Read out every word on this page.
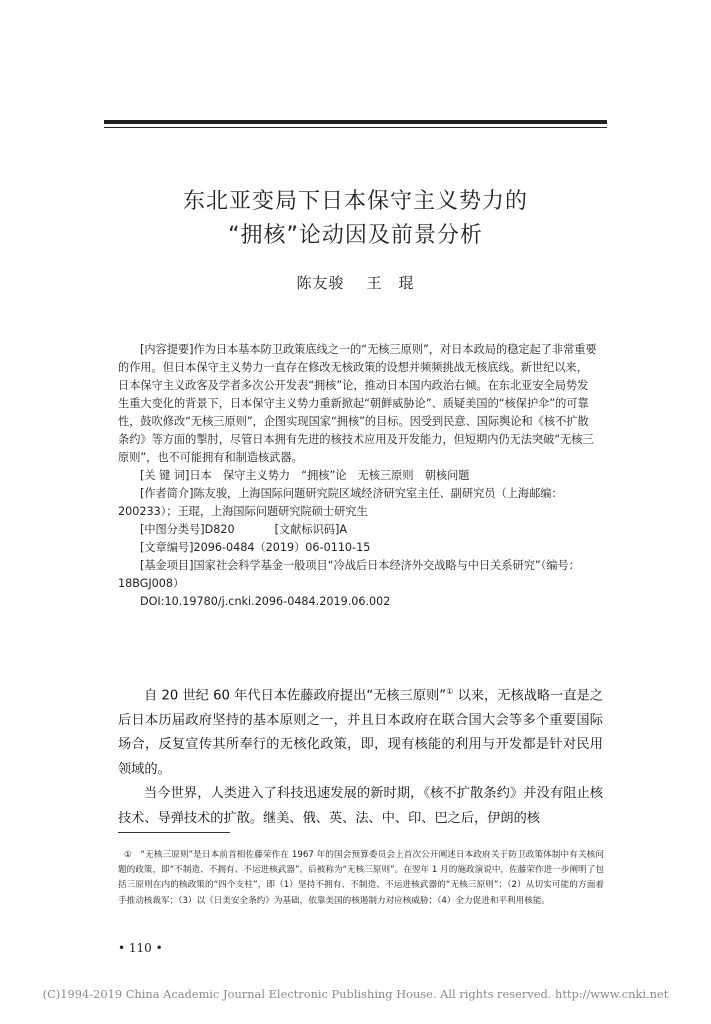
东北亚变局下日本保守主义势力的
“拥核”论动因及前景分析
陈友骏 王　琨

[内容提要]作为日本基本防卫政策底线之一的“无核三原则”，对日本政局的稳定起了非常重要的作用。但日本保守主义势力一直存在修改无核政策的设想并频频挑战无核底线。新世纪以来，日本保守主义政客及学者多次公开发表“拥核”论，推动日本国内政治右倾。在东北亚安全局势发生重大变化的背景下，日本保守主义势力重新掀起“朝鲜威胁论”、质疑美国的“核保护伞”的可靠性，鼓吹修改“无核三原则”，企图实现国家“拥核”的目标。因受到民意、国际舆论和《核不扩散条约》等方面的掣肘，尽管日本拥有先进的核技术应用及开发能力，但短期内仍无法突破“无核三原则”，也不可能拥有和制造核武器。

[关 键 词]日本　保守主义势力　“拥核”论　无核三原则　朝核问题

[作者简介]陈友骏，上海国际问题研究院区域经济研究室主任、副研究员（上海邮编：200233）；王琨，上海国际问题研究院硕士研究生

[中图分类号]D820	[文献标识码]A

[文章编号]2096-0484（2019）06-0110-15

[基金项目]国家社会科学基金一般项目“冷战后日本经济外交战略与中日关系研究”（编号：18BGJ008）

DOI:10.19780/j.cnki.2096-0484.2019.06.002

自 20 世纪 60 年代日本佐藤政府提出“无核三原则”① 以来，无核战略一直是之后日本历届政府坚持的基本原则之一，并且日本政府在联合国大会等多个重要国际场合，反复宣传其所奉行的无核化政策，即，现有核能的利用与开发都是针对民用领域的。

当今世界，人类进入了科技迅速发展的新时期，《核不扩散条约》并没有阻止核技术、导弹技术的扩散。继美、俄、英、法、中、印、巴之后，伊朗的核

①　 “无核三原则”是日本前首相佐藤荣作在 1967 年的国会预算委员会上首次公开阐述日本政府关于防卫政策体制中有关核问题的政策，即“不制造、不拥有、不运进核武器”，后被称为“无核三原则”。在翌年 1 月的施政演说中，佐藤荣作进一步阐明了包括三原则在内的核政策的“四个支柱”，即（1）坚持不拥有、不制造、不运进核武器的“无核三原则”；（2）从切实可能的方面着手推动核裁军；（3）以《日美安全条约》为基础，依靠美国的核遏制力对应核威胁；（4）全力促进和平利用核能。

• 110 •
(C)1994-2019 China Academic Journal Electronic Publishing House. All rights reserved. http://www.cnki.net
